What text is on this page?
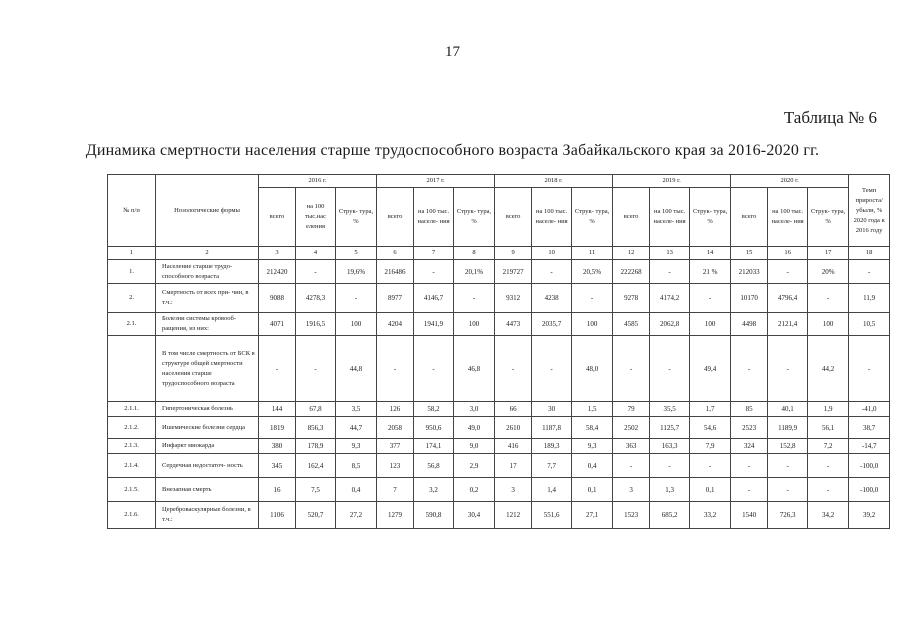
17
Таблица № 6
Динамика смертности населения старше трудоспособного возраста Забайкальского края за 2016-2020 гг.
№ п/п	Нозологические формы	2016 г.			2017 г.			2018 г.			2019 г.			2020 г.			Темп прироста/ убыли, % 2020 года к 2016 году
		всего	на 100 тыс.нас еления	Струк- тура, %	всего	на 100 тыс. населе- ния	Струк- тура, %	всего	на 100 тыс. населе- ния	Струк- тура, %	всего	на 100 тыс. населе- ния	Струк- тура, %	всего	на 100 тыс. населе- ния	Струк- тура, %	
1	2	3	4	5	6	7	8	9	10	11	12	13	14	15	16	17	18
1.	Население старше трудо- способного возраста	212420	-	19,6%	216486	-	20,1%	219727	-	20,5%	222268	-	21 %	212033	-	20%	-
2.	Смертность от всех при- чин, в т.ч.:	9088	4278,3	-	8977	4146,7	-	9312	4238	-	9278	4174,2	-	10170	4796,4	-	11,9
2.1.	Болезни системы кровооб- ращения, из них:	4071	1916,5	100	4204	1941,9	100	4473	2035,7	100	4585	2062,8	100	4498	2121,4	100	10,5
	В том числе смертность от БСК в структуре общей смертности населения старше трудоспособного возраста	-	-	44,8	-	-	46,8	-	-	48,0	-	-	49,4	-	-	44,2	-
2.1.1.	Гипертоническая болезнь	144	67,8	3,5	126	58,2	3,0	66	30	1,5	79	35,5	1,7	85	40,1	1,9	-41,0
2.1.2.	Ишемические болезни сердца	1819	856,3	44,7	2058	950,6	49,0	2610	1187,8	58,4	2502	1125,7	54,6	2523	1189,9	56,1	38,7
2.1.3.	Инфаркт миокарда	380	178,9	9,3	377	174,1	9,0	416	189,3	9,3	363	163,3	7,9	324	152,8	7,2	-14,7
2.1.4.	Сердечная недостаточ- ность	345	162,4	8,5	123	56,8	2,9	17	7,7	0,4	-	-	-	-	-	-	-100,0
2.1.5.	Внезапная смерть	16	7,5	0,4	7	3,2	0,2	3	1,4	0,1	3	1,3	0,1	-	-	-	-100,0
2.1.6.	Цереброваскулярные болезни, в т.ч.:	1106	520,7	27,2	1279	590,8	30,4	1212	551,6	27,1	1523	685,2	33,2	1540	726,3	34,2	39,2
